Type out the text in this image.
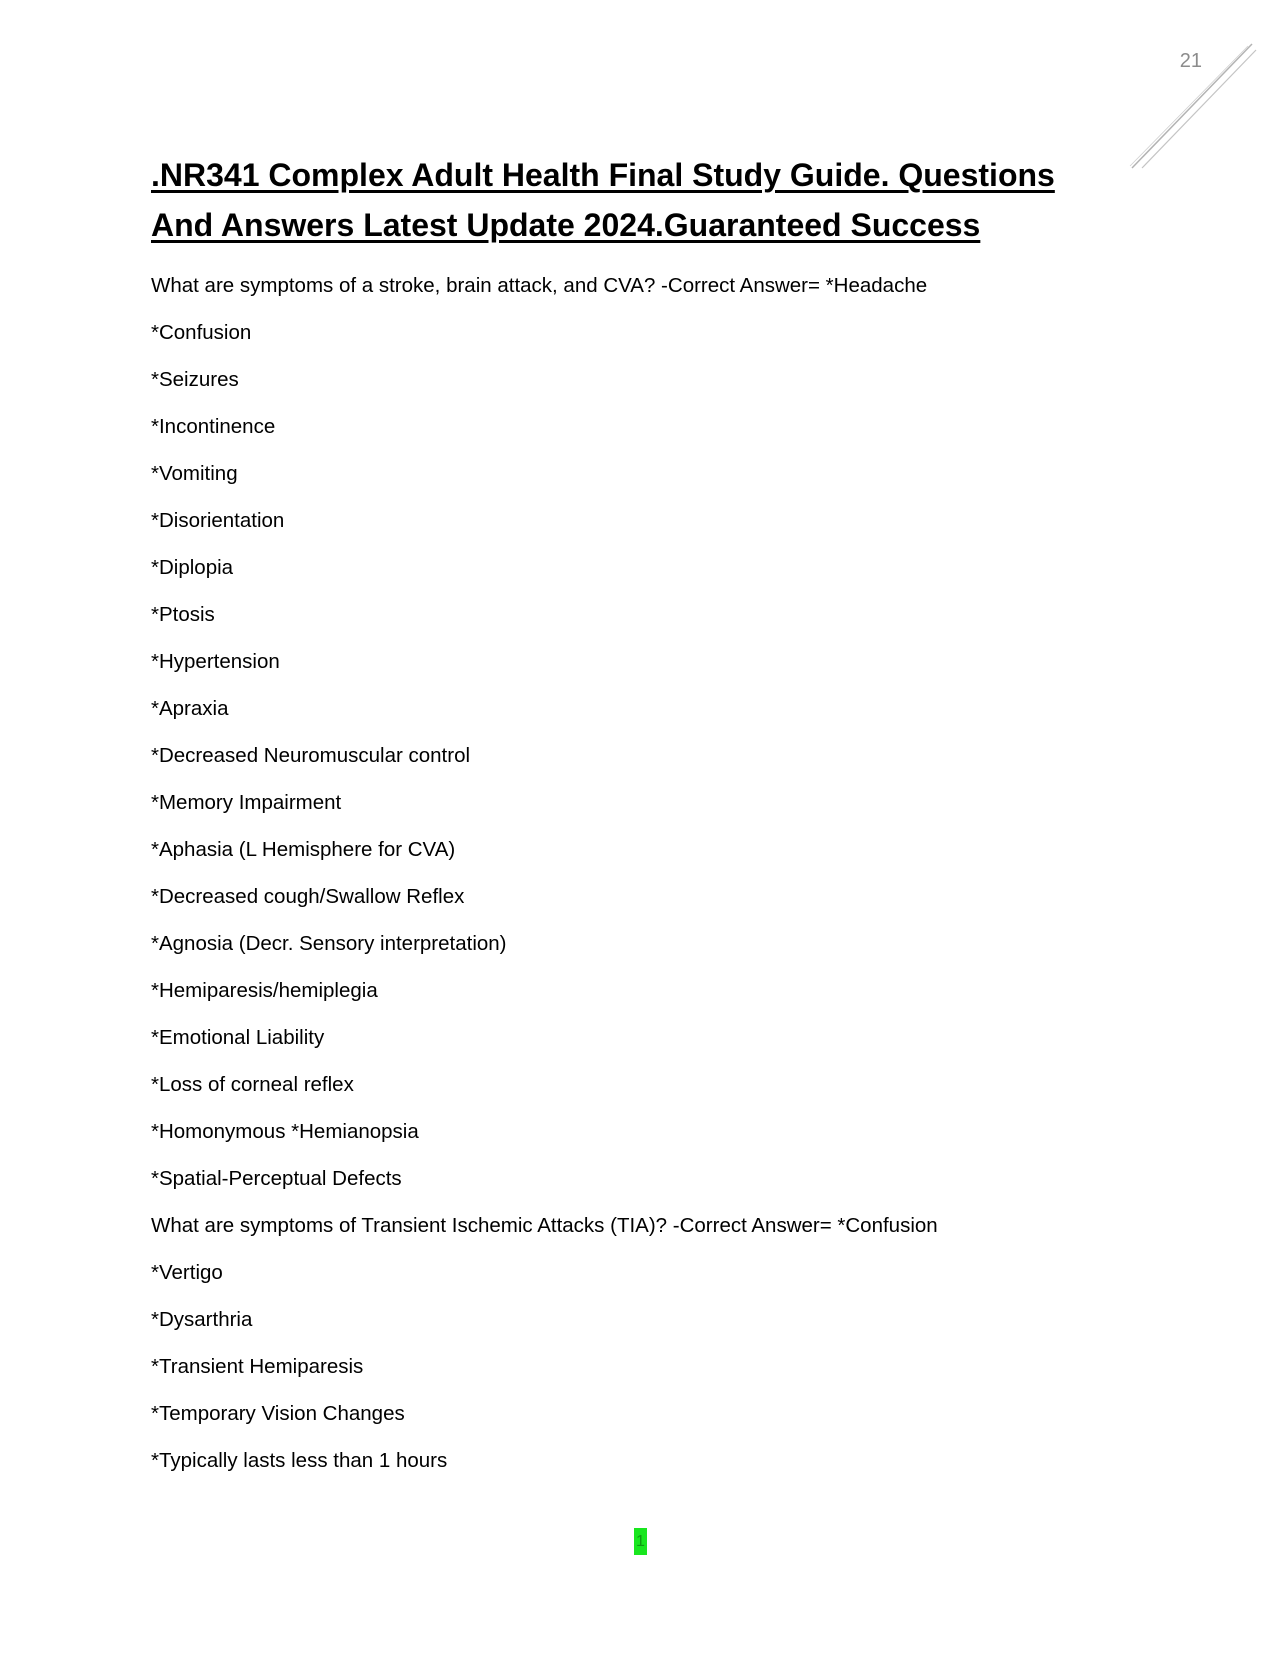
21
.NR341 Complex Adult Health Final Study Guide. Questions
And Answers Latest Update 2024.Guaranteed Success

What are symptoms of a stroke, brain attack, and CVA? -Correct Answer= *Headache

*Confusion

*Seizures

*Incontinence

*Vomiting

*Disorientation

*Diplopia

*Ptosis

*Hypertension

*Apraxia

*Decreased Neuromuscular control

*Memory Impairment

*Aphasia (L Hemisphere for CVA)

*Decreased cough/Swallow Reflex

*Agnosia (Decr. Sensory interpretation)

*Hemiparesis/hemiplegia

*Emotional Liability

*Loss of corneal reflex

*Homonymous *Hemianopsia

*Spatial-Perceptual Defects

What are symptoms of Transient Ischemic Attacks (TIA)? -Correct Answer= *Confusion

*Vertigo

*Dysarthria

*Transient Hemiparesis

*Temporary Vision Changes

*Typically lasts less than 1 hours

1
